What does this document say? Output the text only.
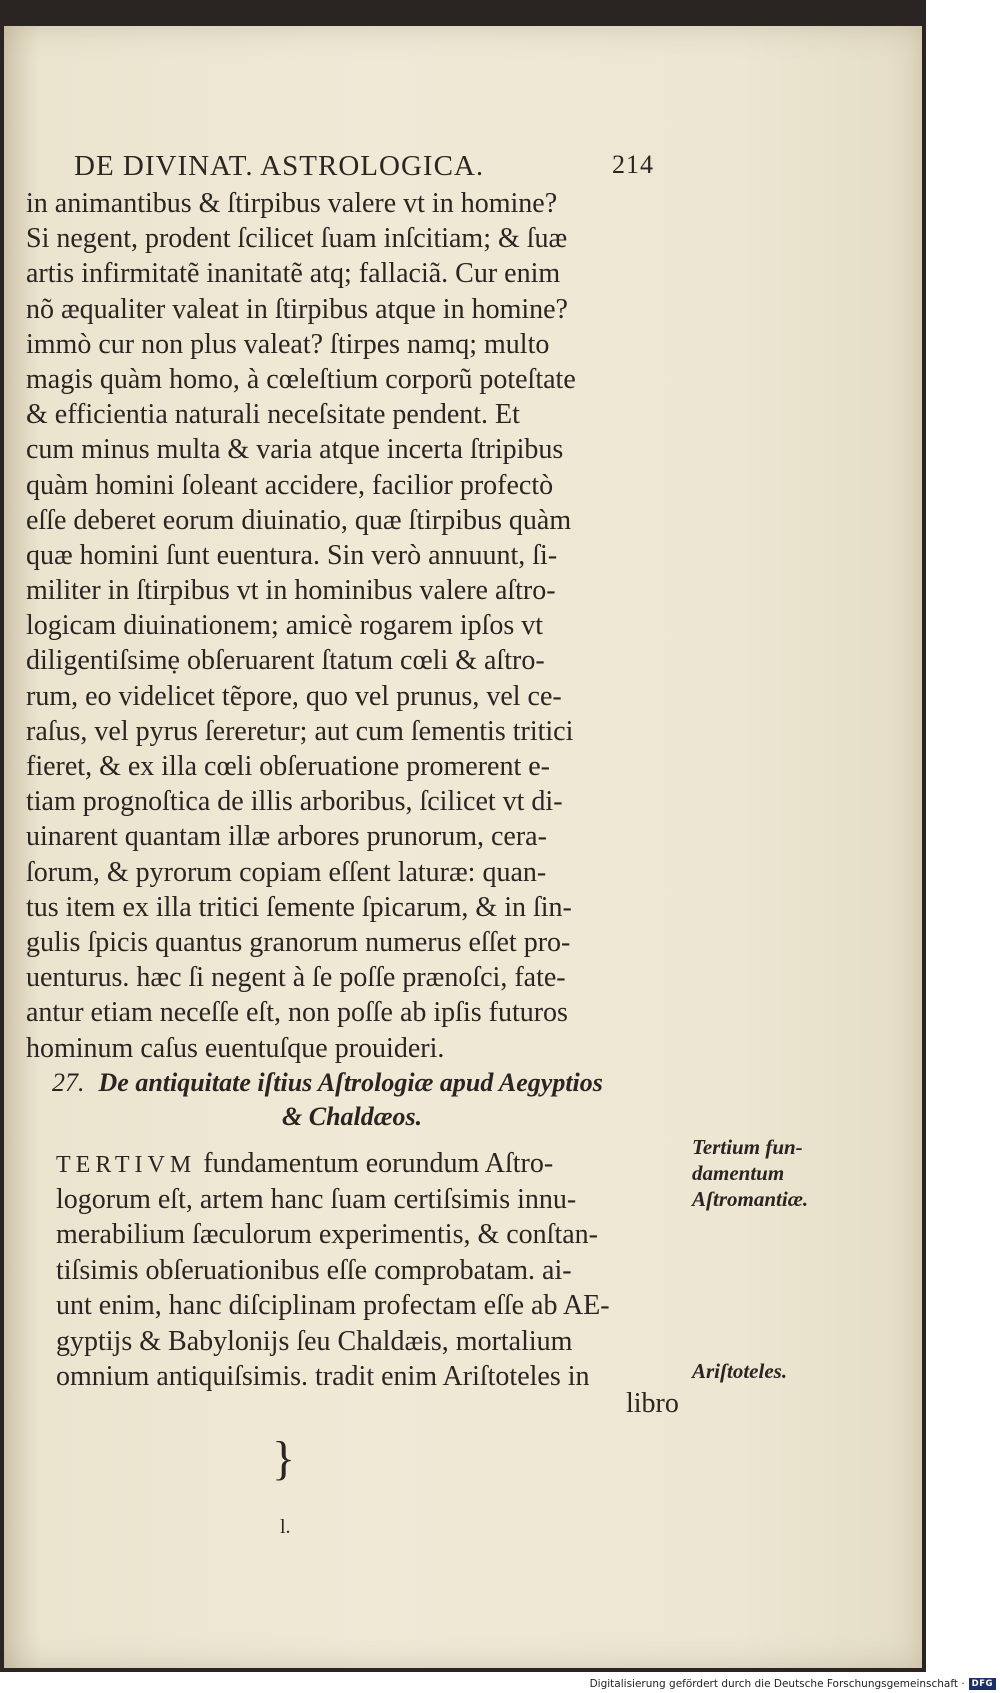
DE DIVINAT. ASTROLOGICA.	214
in animantibus & ſtirpibus valere vt in homine?
Si negent, prodent ſcilicet ſuam inſcitiam; & ſuæ
artis infirmitatẽ inanitatẽ atq; fallaciã. Cur enim
nõ æqualiter valeat in ſtirpibus atque in homine?
immò cur non plus valeat? ſtirpes namq; multo
magis quàm homo, à cœleſtium corporũ poteſtate
& efficientia naturali neceſsitate pendent. Et
cum minus multa & varia atque incerta ſtripibus
quàm homini ſoleant accidere, facilior profectò
eſſe deberet eorum diuinatio, quæ ſtirpibus quàm
quæ homini ſunt euentura. Sin verò annuunt, ſi-
militer in ſtirpibus vt in hominibus valere aſtro-
logicam diuinationem; amicè rogarem ipſos vt
diligentiſsimẹ obſeruarent ſtatum cœli & aſtro-
rum, eo videlicet tẽpore, quo vel prunus, vel ce-
raſus, vel pyrus ſereretur; aut cum ſementis tritici
fieret, & ex illa cœli obſeruatione promerent e-
tiam prognoſtica de illis arboribus, ſcilicet vt di-
uinarent quantam illæ arbores prunorum, cera-
ſorum, & pyrorum copiam eſſent laturæ: quan-
tus item ex illa tritici ſemente ſpicarum, & in ſin-
gulis ſpicis quantus granorum numerus eſſet pro-
uenturus. hæc ſi negent à ſe poſſe prænoſci, fate-
antur etiam neceſſe eſt, non poſſe ab ipſis futuros
hominum caſus euentuſque prouideri.
27. De antiquitate iſtius Aſtrologiæ apud Aegyptios
& Chaldæos.
TERTIVM fundamentum eorundum Aſtro-
logorum eſt, artem hanc ſuam certiſsimis innu-
merabilium ſæculorum experimentis, & conſtan-
tiſsimis obſeruationibus eſſe comprobatam. ai-
unt enim, hanc diſciplinam profectam eſſe ab AE-
gyptijs & Babylonijs ſeu Chaldæis, mortalium
omnium antiquiſsimis. tradit enim Ariſtoteles in
libro
Tertium fun-
damentum
Aſtromantiæ.
Ariſtoteles.
}
l.
Digitalisierung gefördert durch die Deutsche Forschungsgemeinschaft · DFG
